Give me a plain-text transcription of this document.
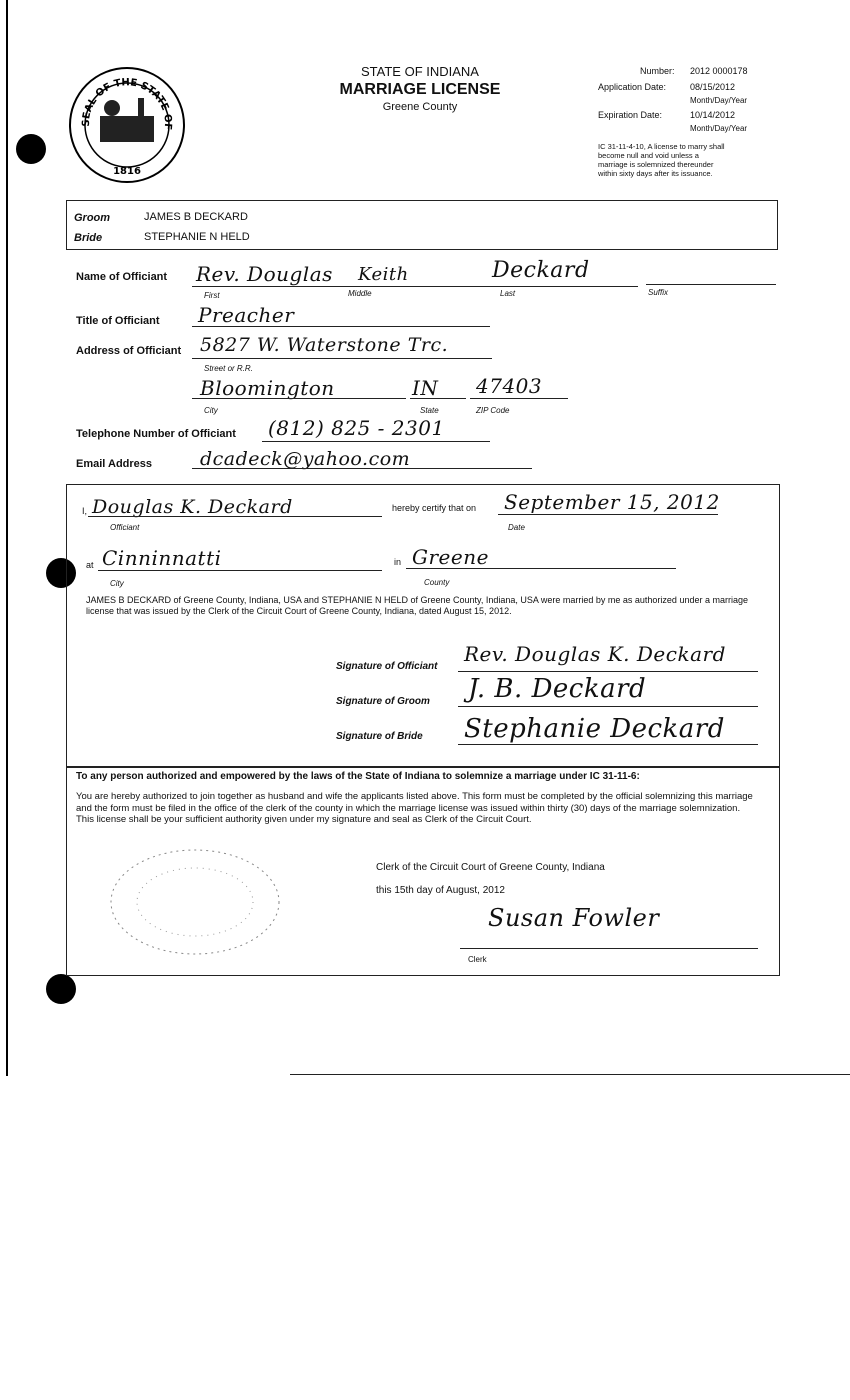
SEAL OF THE STATE OF
1816
STATE OF INDIANA
MARRIAGE LICENSE
Greene County
Number: 2012 0000178
Application Date:	08/15/2012
Month/Day/Year
Expiration Date:	10/14/2012
Month/Day/Year
IC 31-11-4-10, A license to marry shall
become null and void unless a
marriage is solemnized thereunder
within sixty days after its issuance.
Groom	JAMES B DECKARD
Bride	STEPHANIE N HELD
Name of Officiant Rev. Douglas Keith	Deckard
First	Middle	Last	Suffix
Title of Officiant Preacher
Address of Officiant 5827 W. Waterstone Trc.
Street or R.R.
Bloomington	IN 47403
City	State	ZIP Code
Telephone Number of Officiant (812) 825 - 2301
Email Address	dcadeck@yahoo.com
I, Douglas K. Deckard
Officiant
hereby certify that on September 15, 2012
Date
at Cinninnatti
City
in Greene
County
JAMES B DECKARD of Greene County, Indiana, USA and STEPHANIE N HELD of Greene County, Indiana, USA were married by me as authorized under a marriage license that was issued by the Clerk of the Circuit Court of Greene County, Indiana, dated August 15, 2012.
Signature of Officiant
Rev. Douglas K. Deckard
Signature of Groom J. B. Deckard
Signature of Bride Stephanie Deckard
To any person authorized and empowered by the laws of the State of Indiana to solemnize a marriage under IC 31-11-6:
You are hereby authorized to join together as husband and wife the applicants listed above. This form must be completed by the official solemnizing this marriage and the form must be filed in the office of the clerk of the county in which the marriage license was issued within thirty (30) days of the marriage solemnization. This license shall be your sufficient authority given under my signature and seal as Clerk of the Circuit Court.
Clerk of the Circuit Court of Greene County, Indiana
this 15th day of August, 2012
Susan Fowler
Clerk
